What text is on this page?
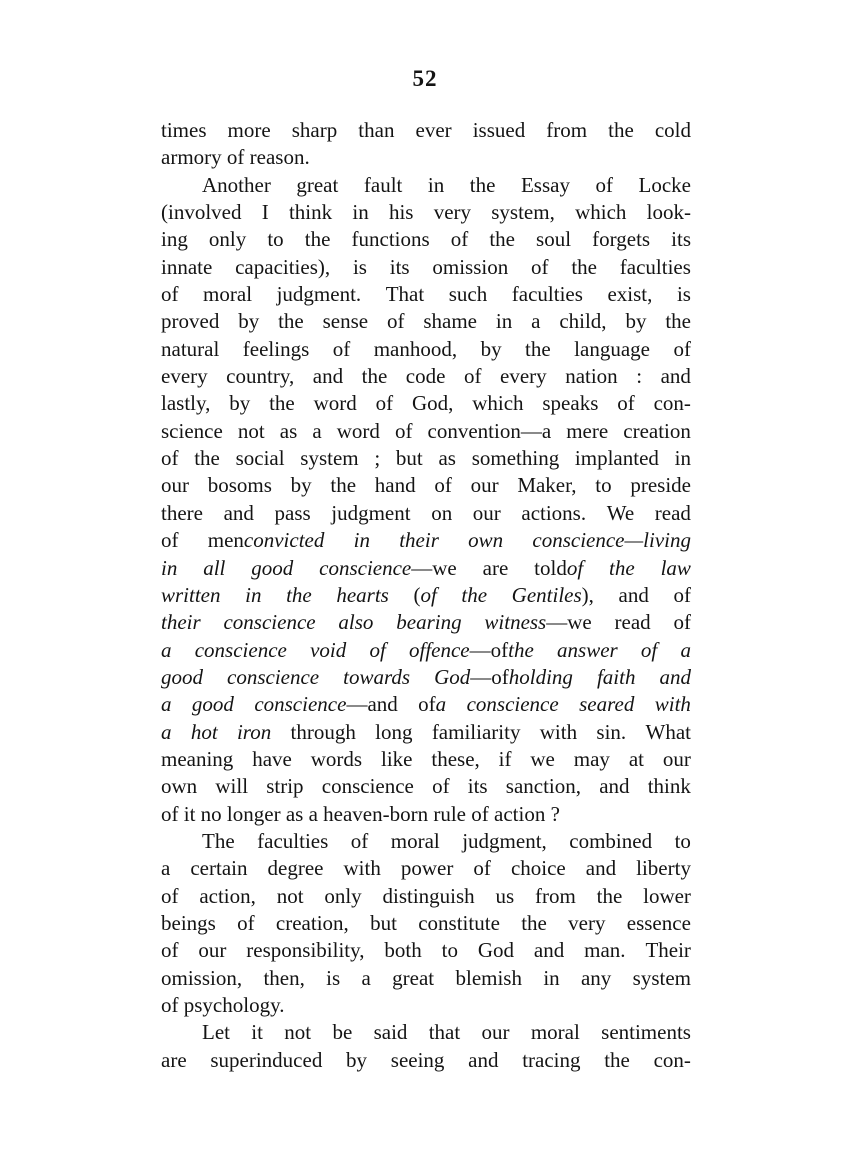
52
times more sharp than ever issued from the cold
armory of reason.
Another great fault in the Essay of Locke
(involved I think in his very system, which look-
ing only to the functions of the soul forgets its
innate capacities), is its omission of the faculties
of moral judgment. That such faculties exist, is
proved by the sense of shame in a child, by the
natural feelings of manhood, by the language of
every country, and the code of every nation : and
lastly, by the word of God, which speaks of con-
science not as a word of convention—a mere creation
of the social system ; but as something implanted in
our bosoms by the hand of our Maker, to preside
there and pass judgment on our actions. We read
of menconvicted in their own conscience—living
in all good conscience—we are toldof the law
written in the hearts (of the Gentiles), and of
their conscience also bearing witness—we read of
a conscience void of offence—ofthe answer of a
good conscience towards God—ofholding faith and
a good conscience—and ofa conscience seared with
a hot iron through long familiarity with sin. What
meaning have words like these, if we may at our
own will strip conscience of its sanction, and think
of it no longer as a heaven-born rule of action ?
The faculties of moral judgment, combined to
a certain degree with power of choice and liberty
of action, not only distinguish us from the lower
beings of creation, but constitute the very essence
of our responsibility, both to God and man. Their
omission, then, is a great blemish in any system
of psychology.
Let it not be said that our moral sentiments
are superinduced by seeing and tracing the con-
